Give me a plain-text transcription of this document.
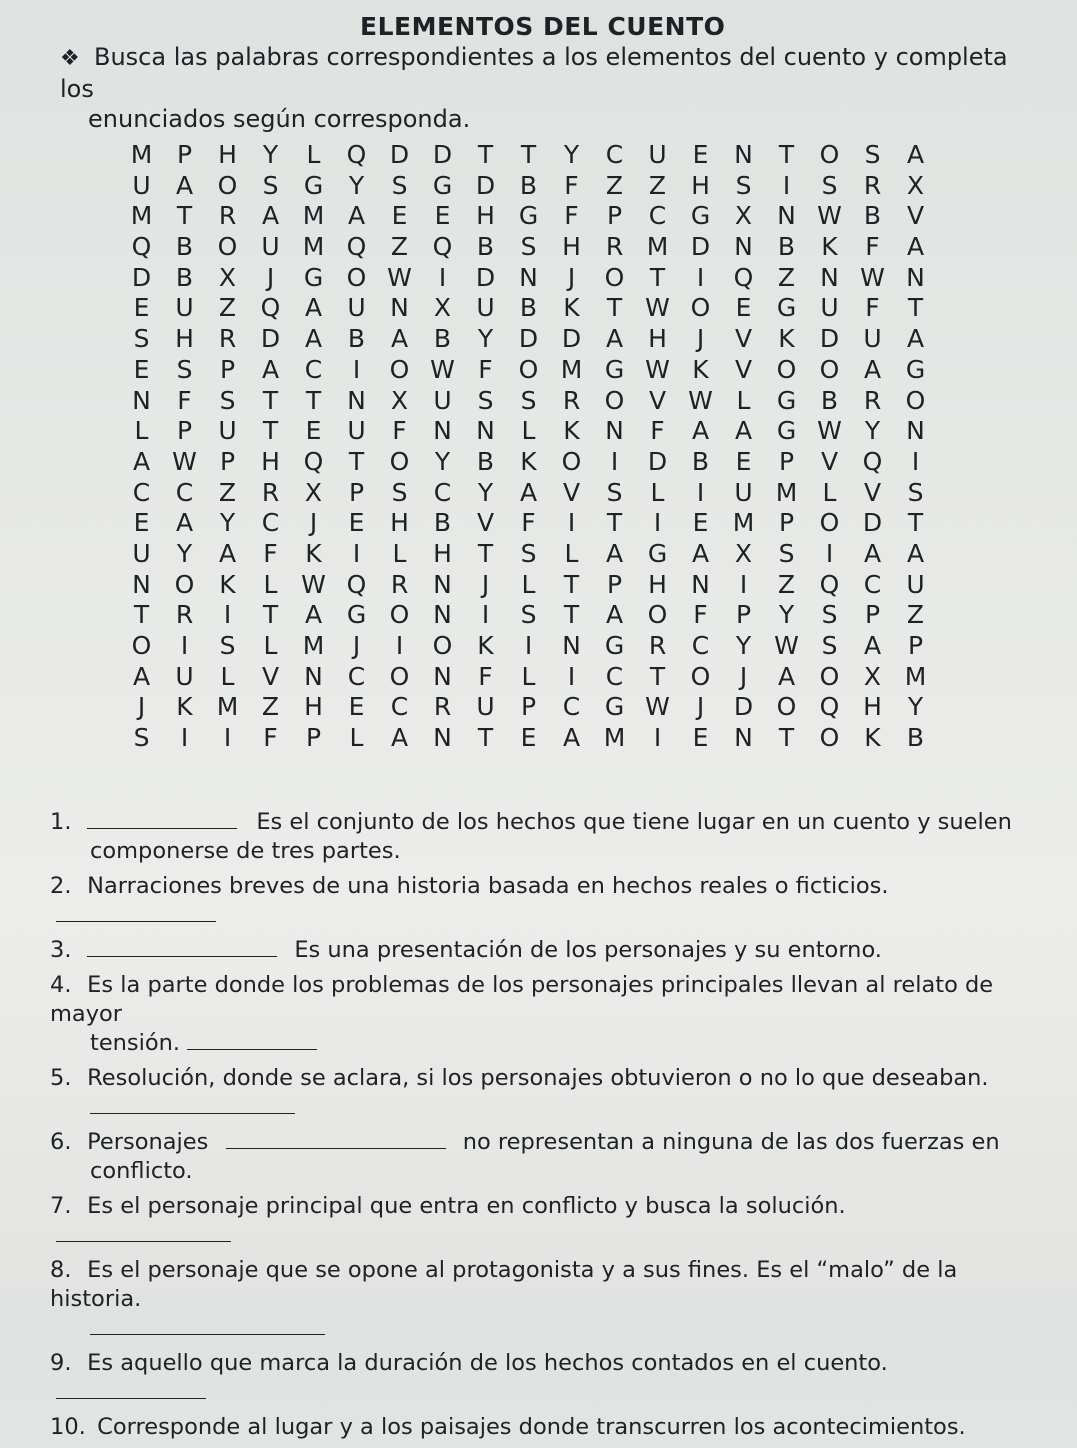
ELEMENTOS DEL CUENTO
❖ Busca las palabras correspondientes a los elementos del cuento y completa los
enunciados según corresponda.
M P	H	Y	L	Q D D	T	T	Y	C	U	E	N	T	O	S	A
U	A O	S	G	Y	S	G D B	F	Z	Z	H	S	I	S	R	X
M T	R	A M A	E	E	H G	F	P	C G X	N W B	V
Q B O U M Q Z Q B	S	H R M D N	B	K	F	A
D B	X	J	G O W	I	D N	J	O	T	I	Q Z	N W N
E	U	Z Q A	U N	X	U	B	K	T W O	E	G U	F	T
S	H R D A	B	A	B	Y	D D A	H	J	V	K	D U	A
E	S	P	A	C	I	O W F	O M G W K	V O O A G
N	F	S	T	T	N	X	U	S	S	R O V W L	G B	R O
L	P	U	T	E	U	F	N N	L	K	N	F	A	A G W Y	N
A W P	H Q	T	O	Y	B	K O	I	D B	E	P	V Q	I
C	C	Z	R	X	P	S	C	Y	A	V	S	L	I	U M	L	V	S
E	A	Y	C	J	E	H	B	V	F	I	T	I	E M P	O D	T
U	Y	A	F	K	I	L	H	T	S	L	A G A	X	S	I	A	A
N O K	L W Q R N	J	L	T	P	H N	I	Z Q C	U
T	R	I	T	A G O N	I	S	T	A O	F	P	Y	S	P	Z
O	I	S	L	M	J	I	O K	I	N G R	C	Y W S	A	P
A	U	L	V	N C O N	F	L	I	C	T	O	J	A O X M
J	K M Z	H	E	C	R	U	P	C G W	J	D O Q H	Y
S	I	I	F	P	L	A	N	T	E	A M	I	E	N	T	O K	B
1.	Es el conjunto de los hechos que tiene lugar en un cuento y suelen
componerse de tres partes.
2. Narraciones breves de una historia basada en hechos reales o ficticios.
3.	Es una presentación de los personajes y su entorno.
4. Es la parte donde los problemas de los personajes principales llevan al relato de mayor
tensión.
5. Resolución, donde se aclara, si los personajes obtuvieron o no lo que deseaban.
6. Personajes	no representan a ninguna de las dos fuerzas en
conflicto.
7. Es el personaje principal que entra en conflicto y busca la solución.
8. Es el personaje que se opone al protagonista y a sus fines. Es el “malo” de la historia.
9. Es aquello que marca la duración de los hechos contados en el cuento.
10. Corresponde al lugar y a los paisajes donde transcurren los acontecimientos.
